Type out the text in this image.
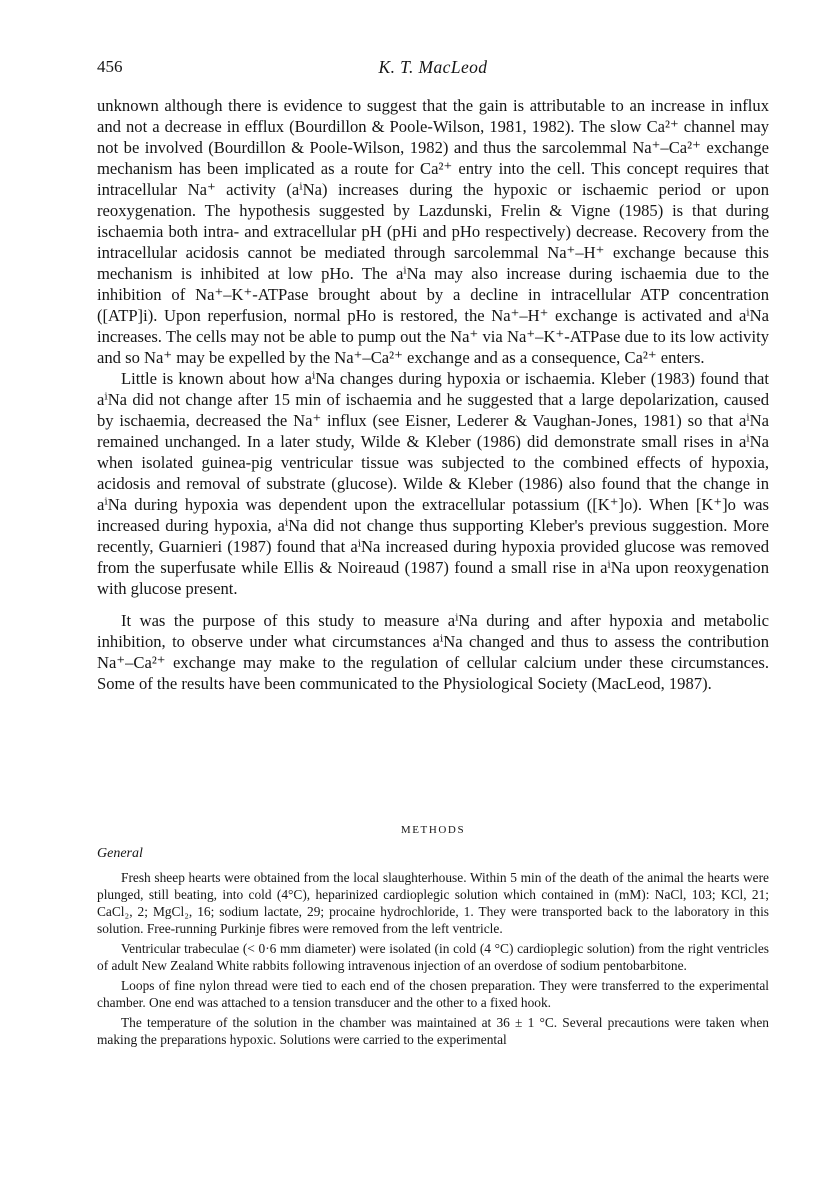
456	K. T. MacLeod

unknown although there is evidence to suggest that the gain is attributable to an increase in influx and not a decrease in efflux (Bourdillon & Poole-Wilson, 1981, 1982). The slow Ca²⁺ channel may not be involved (Bourdillon & Poole-Wilson, 1982) and thus the sarcolemmal Na⁺–Ca²⁺ exchange mechanism has been implicated as a route for Ca²⁺ entry into the cell. This concept requires that intracellular Na⁺ activity (aⁱNa) increases during the hypoxic or ischaemic period or upon reoxygenation. The hypothesis suggested by Lazdunski, Frelin & Vigne (1985) is that during ischaemia both intra- and extracellular pH (pHi and pHo respectively) decrease. Recovery from the intracellular acidosis cannot be mediated through sarcolemmal Na⁺–H⁺ exchange because this mechanism is inhibited at low pHo. The aⁱNa may also increase during ischaemia due to the inhibition of Na⁺–K⁺-ATPase brought about by a decline in intracellular ATP concentration ([ATP]i). Upon reperfusion, normal pHo is restored, the Na⁺–H⁺ exchange is activated and aⁱNa increases. The cells may not be able to pump out the Na⁺ via Na⁺–K⁺-ATPase due to its low activity and so Na⁺ may be expelled by the Na⁺–Ca²⁺ exchange and as a consequence, Ca²⁺ enters.

Little is known about how aⁱNa changes during hypoxia or ischaemia. Kleber (1983) found that aⁱNa did not change after 15 min of ischaemia and he suggested that a large depolarization, caused by ischaemia, decreased the Na⁺ influx (see Eisner, Lederer & Vaughan-Jones, 1981) so that aⁱNa remained unchanged. In a later study, Wilde & Kleber (1986) did demonstrate small rises in aⁱNa when isolated guinea-pig ventricular tissue was subjected to the combined effects of hypoxia, acidosis and removal of substrate (glucose). Wilde & Kleber (1986) also found that the change in aⁱNa during hypoxia was dependent upon the extracellular potassium ([K⁺]o). When [K⁺]o was increased during hypoxia, aⁱNa did not change thus supporting Kleber's previous suggestion. More recently, Guarnieri (1987) found that aⁱNa increased during hypoxia provided glucose was removed from the superfusate while Ellis & Noireaud (1987) found a small rise in aⁱNa upon reoxygenation with glucose present.

It was the purpose of this study to measure aⁱNa during and after hypoxia and metabolic inhibition, to observe under what circumstances aⁱNa changed and thus to assess the contribution Na⁺–Ca²⁺ exchange may make to the regulation of cellular calcium under these circumstances. Some of the results have been communicated to the Physiological Society (MacLeod, 1987).

METHODS
General

Fresh sheep hearts were obtained from the local slaughterhouse. Within 5 min of the death of the animal the hearts were plunged, still beating, into cold (4°C), heparinized cardioplegic solution which contained in (mM): NaCl, 103; KCl, 21; CaCl₂, 2; MgCl₂, 16; sodium lactate, 29; procaine hydrochloride, 1. They were transported back to the laboratory in this solution. Free-running Purkinje fibres were removed from the left ventricle.

Ventricular trabeculae (< 0·6 mm diameter) were isolated (in cold (4 °C) cardioplegic solution) from the right ventricles of adult New Zealand White rabbits following intravenous injection of an overdose of sodium pentobarbitone.

Loops of fine nylon thread were tied to each end of the chosen preparation. They were transferred to the experimental chamber. One end was attached to a tension transducer and the other to a fixed hook.

The temperature of the solution in the chamber was maintained at 36 ± 1 °C. Several precautions were taken when making the preparations hypoxic. Solutions were carried to the experimental
